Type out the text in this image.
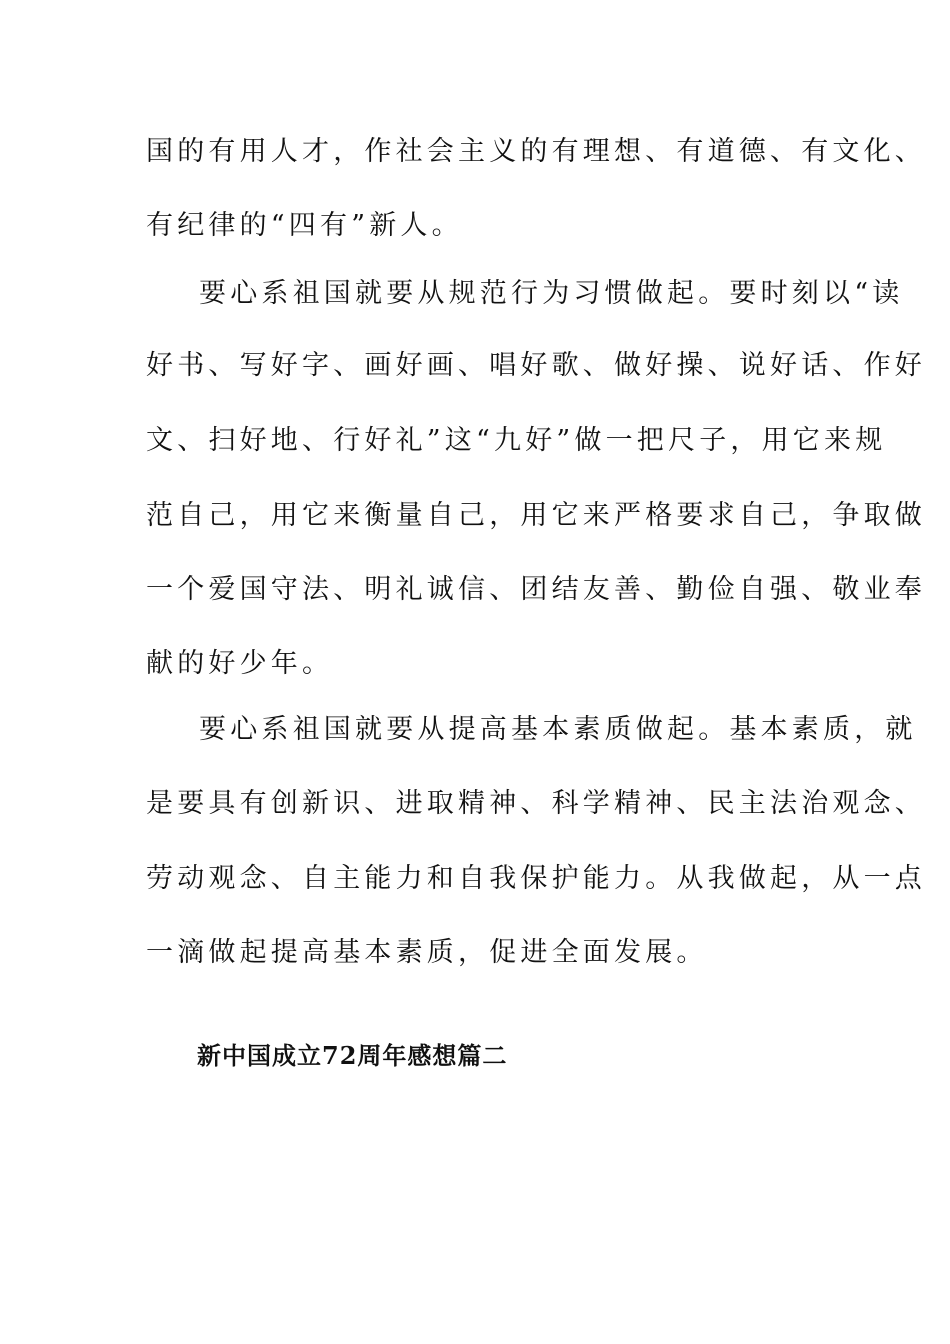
国的有用人才，作社会主义的有理想、有道德、有文化、
有纪律的“四有”新人。
要心系祖国就要从规范行为习惯做起。要时刻以“读
好书、写好字、画好画、唱好歌、做好操、说好话、作好
文、扫好地、行好礼”这“九好”做一把尺子，用它来规
范自己，用它来衡量自己，用它来严格要求自己，争取做
一个爱国守法、明礼诚信、团结友善、勤俭自强、敬业奉
献的好少年。
要心系祖国就要从提高基本素质做起。基本素质，就
是要具有创新识、进取精神、科学精神、民主法治观念、
劳动观念、自主能力和自我保护能力。从我做起，从一点
一滴做起提高基本素质，促进全面发展。
新中国成立72周年感想篇二
